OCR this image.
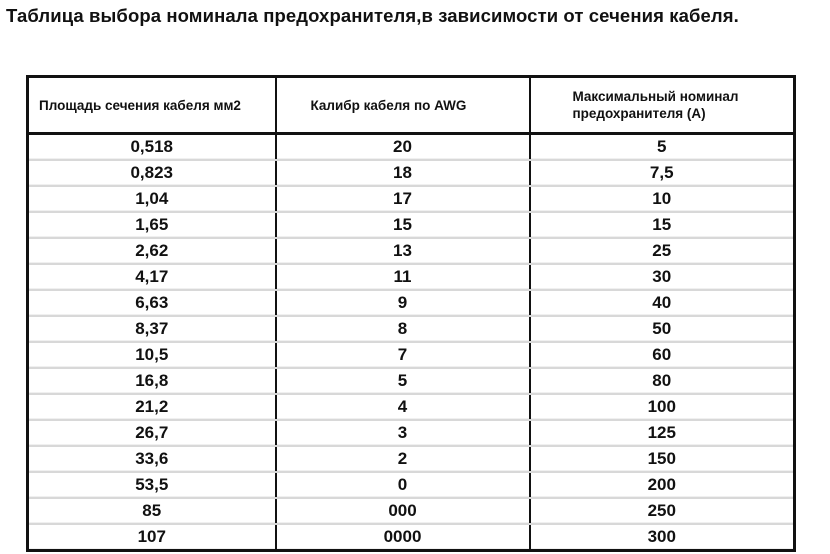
Таблица выбора номинала предохранителя,в зависимости от сечения кабеля.
Площадь сечения кабеля мм2	Калибр кабеля по AWG	Максимальный номинал предохранителя (А)
0,518	20	5
0,823	18	7,5
1,04	17	10
1,65	15	15
2,62	13	25
4,17	11	30
6,63	9	40
8,37	8	50
10,5	7	60
16,8	5	80
21,2	4	100
26,7	3	125
33,6	2	150
53,5	0	200
85	000	250
107	0000	300
